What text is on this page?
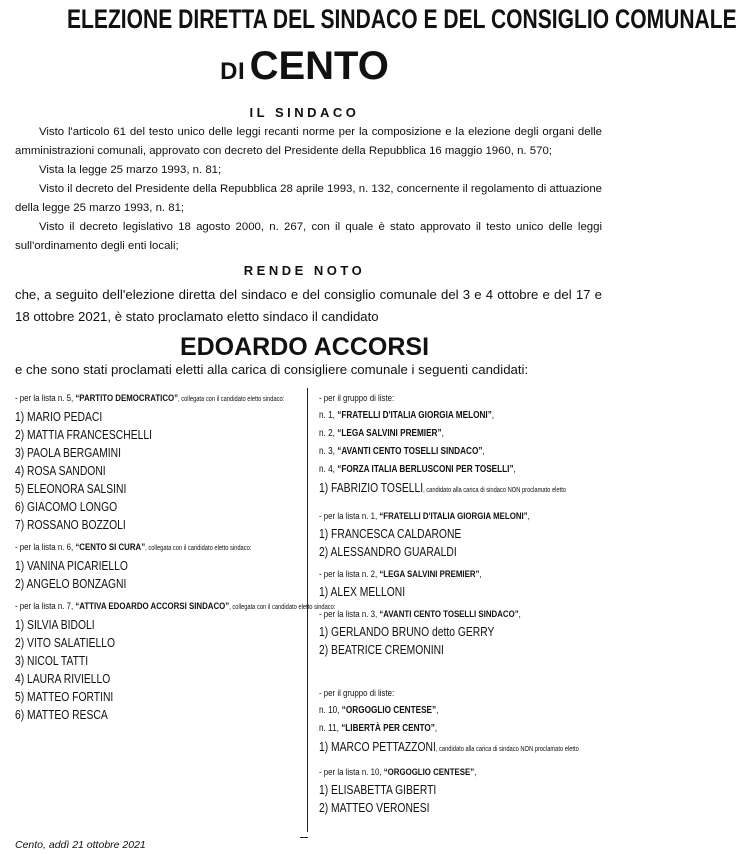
ELEZIONE DIRETTA DEL SINDACO E DEL CONSIGLIO COMUNALE
DI CENTO
IL SINDACO

Visto l'articolo 61 del testo unico delle leggi recanti norme per la composizione e la elezione degli organi delle amministrazioni comunali, approvato con decreto del Presidente della Repubblica 16 maggio 1960, n. 570;

Vista la legge 25 marzo 1993, n. 81;

Visto il decreto del Presidente della Repubblica 28 aprile 1993, n. 132, concernente il regolamento di attuazione della legge 25 marzo 1993, n. 81;

Visto il decreto legislativo 18 agosto 2000, n. 267, con il quale è stato approvato il testo unico delle leggi sull'ordinamento degli enti locali;

RENDE NOTO

che, a seguito dell'elezione diretta del sindaco e del consiglio comunale del 3 e 4 ottobre e del 17 e 18 ottobre 2021, è stato proclamato eletto sindaco il candidato

EDOARDO ACCORSI
e che sono stati proclamati eletti alla carica di consigliere comunale i seguenti candidati:
- per la lista n. 5, “PARTITO DEMOCRATICO”, collegata con il candidato eletto sindaco:
1) MARIO PEDACI
2) MATTIA FRANCESCHELLI
3) PAOLA BERGAMINI
4) ROSA SANDONI
5) ELEONORA SALSINI
6) GIACOMO LONGO
7) ROSSANO BOZZOLI
- per la lista n. 6, “CENTO SI CURA”, collegata con il candidato eletto sindaco:
1) VANINA PICARIELLO
2) ANGELO BONZAGNI
- per la lista n. 7, “ATTIVA EDOARDO ACCORSI SINDACO”, collegata con il candidato eletto sindaco:
1) SILVIA BIDOLI
2) VITO SALATIELLO
3) NICOL TATTI
4) LAURA RIVIELLO
5) MATTEO FORTINI
6) MATTEO RESCA
- per il gruppo di liste:
n. 1, “FRATELLI D'ITALIA GIORGIA MELONI”,
n. 2, “LEGA SALVINI PREMIER”,
n. 3, “AVANTI CENTO TOSELLI SINDACO”,
n. 4, “FORZA ITALIA BERLUSCONI PER TOSELLI”,
1) FABRIZIO TOSELLI, candidato alla carica di sindaco NON proclamato eletto
- per la lista n. 1, “FRATELLI D'ITALIA GIORGIA MELONI”,
1) FRANCESCA CALDARONE
2) ALESSANDRO GUARALDI
- per la lista n. 2, “LEGA SALVINI PREMIER”,
1) ALEX MELLONI
- per la lista n. 3, “AVANTI CENTO TOSELLI SINDACO”,
1) GERLANDO BRUNO detto GERRY
2) BEATRICE CREMONINI
- per il gruppo di liste:
n. 10, “ORGOGLIO CENTESE”,
n. 11, “LIBERTÀ PER CENTO”,
1) MARCO PETTAZZONI, candidato alla carica di sindaco NON proclamato eletto
- per la lista n. 10, “ORGOGLIO CENTESE”,
1) ELISABETTA GIBERTI
2) MATTEO VERONESI
Cento, addì 21 ottobre 2021
